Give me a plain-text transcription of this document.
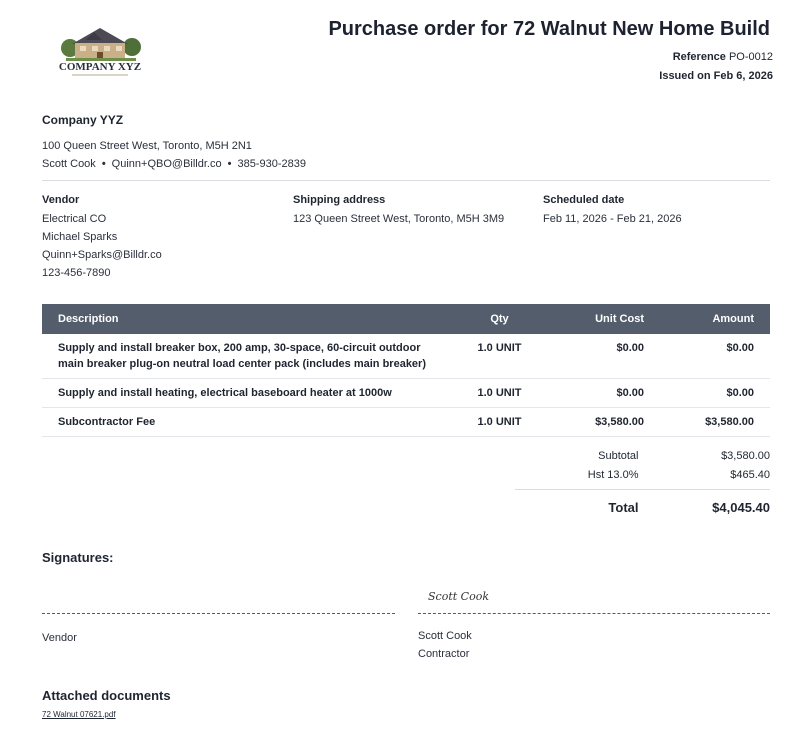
COMPANY XYZ
Purchase order for 72 Walnut New Home Build
Reference PO-0012
Issued on Feb 6, 2026
Company YYZ
100 Queen Street West, Toronto, M5H 2N1
Scott Cook • Quinn+QBO@Billdr.co • 385-930-2839
Vendor
Electrical CO
Michael Sparks
Quinn+Sparks@Billdr.co
123-456-7890
Shipping address
123 Queen Street West, Toronto, M5H 3M9
Scheduled date
Feb 11, 2026 - Feb 21, 2026
Description	Qty	Unit Cost	Amount
Supply and install breaker box, 200 amp, 30-space, 60-circuit outdoor main breaker plug-on neutral load center pack (includes main breaker)	1.0 UNIT	$0.00	$0.00
Supply and install heating, electrical baseboard heater at 1000w	1.0 UNIT	$0.00	$0.00
Subcontractor Fee	1.0 UNIT	$3,580.00	$3,580.00
Subtotal	$3,580.00
Hst 13.0%	$465.40
Total	$4,045.40
Signatures:
Scott Cook
Vendor	Scott Cook
Contractor
Attached documents
72 Walnut 07621.pdf
